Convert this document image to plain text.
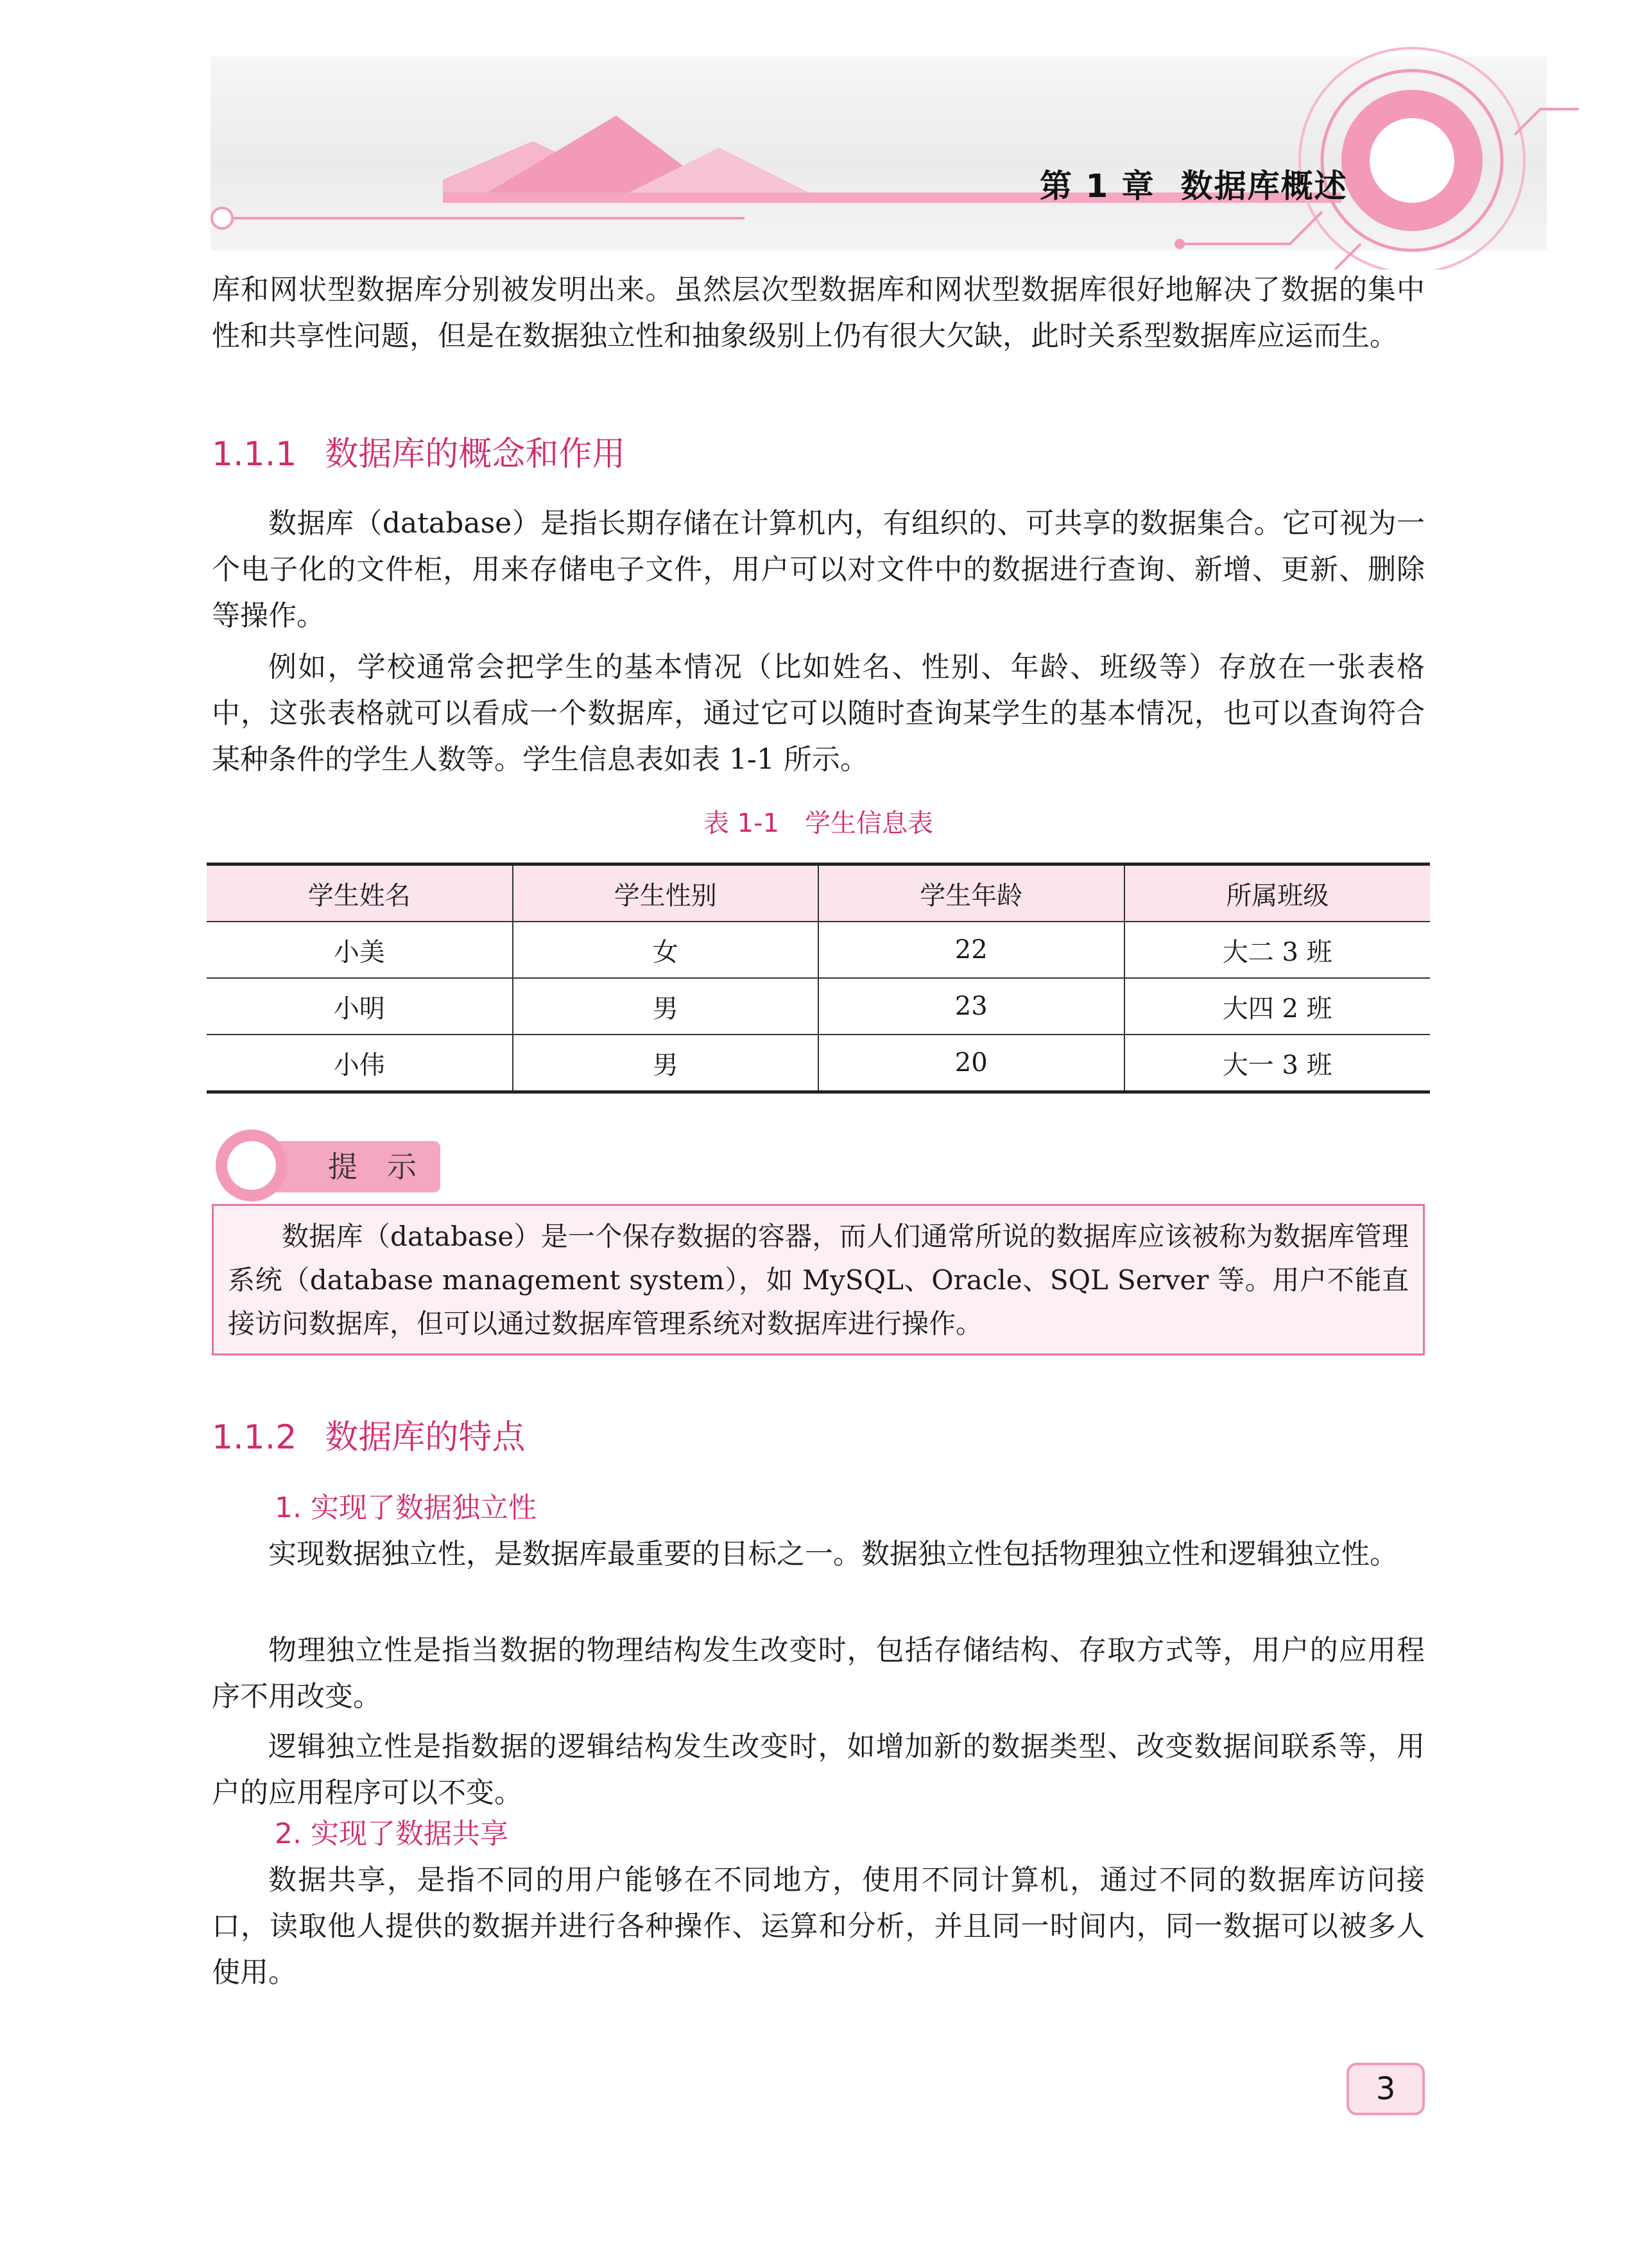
第 1 章 数据库概述
库和网状型数据库分别被发明出来。虽然层次型数据库和网状型数据库很好地解决了数据的集中性和共享性问题，但是在数据独立性和抽象级别上仍有很大欠缺，此时关系型数据库应运而生。
1.1.1 数据库的概念和作用
数据库（database）是指长期存储在计算机内，有组织的、可共享的数据集合。它可视为一个电子化的文件柜，用来存储电子文件，用户可以对文件中的数据进行查询、新增、更新、删除等操作。
例如，学校通常会把学生的基本情况（比如姓名、性别、年龄、班级等）存放在一张表格中，这张表格就可以看成一个数据库，通过它可以随时查询某学生的基本情况，也可以查询符合某种条件的学生人数等。学生信息表如表 1-1 所示。
表 1-1 学生信息表
学生姓名	学生性别	学生年龄	所属班级
小美	女	22	大二 3 班
小明	男	23	大四 2 班
小伟	男	20	大一 3 班
提　示
数据库（database）是一个保存数据的容器，而人们通常所说的数据库应该被称为数据库管理系统（database management system），如 MySQL、Oracle、SQL Server 等。用户不能直接访问数据库，但可以通过数据库管理系统对数据库进行操作。
1.1.2 数据库的特点
1. 实现了数据独立性
实现数据独立性，是数据库最重要的目标之一。数据独立性包括物理独立性和逻辑独立性。
物理独立性是指当数据的物理结构发生改变时，包括存储结构、存取方式等，用户的应用程序不用改变。
逻辑独立性是指数据的逻辑结构发生改变时，如增加新的数据类型、改变数据间联系等，用户的应用程序可以不变。
2. 实现了数据共享
数据共享，是指不同的用户能够在不同地方，使用不同计算机，通过不同的数据库访问接口，读取他人提供的数据并进行各种操作、运算和分析，并且同一时间内，同一数据可以被多人使用。
3
